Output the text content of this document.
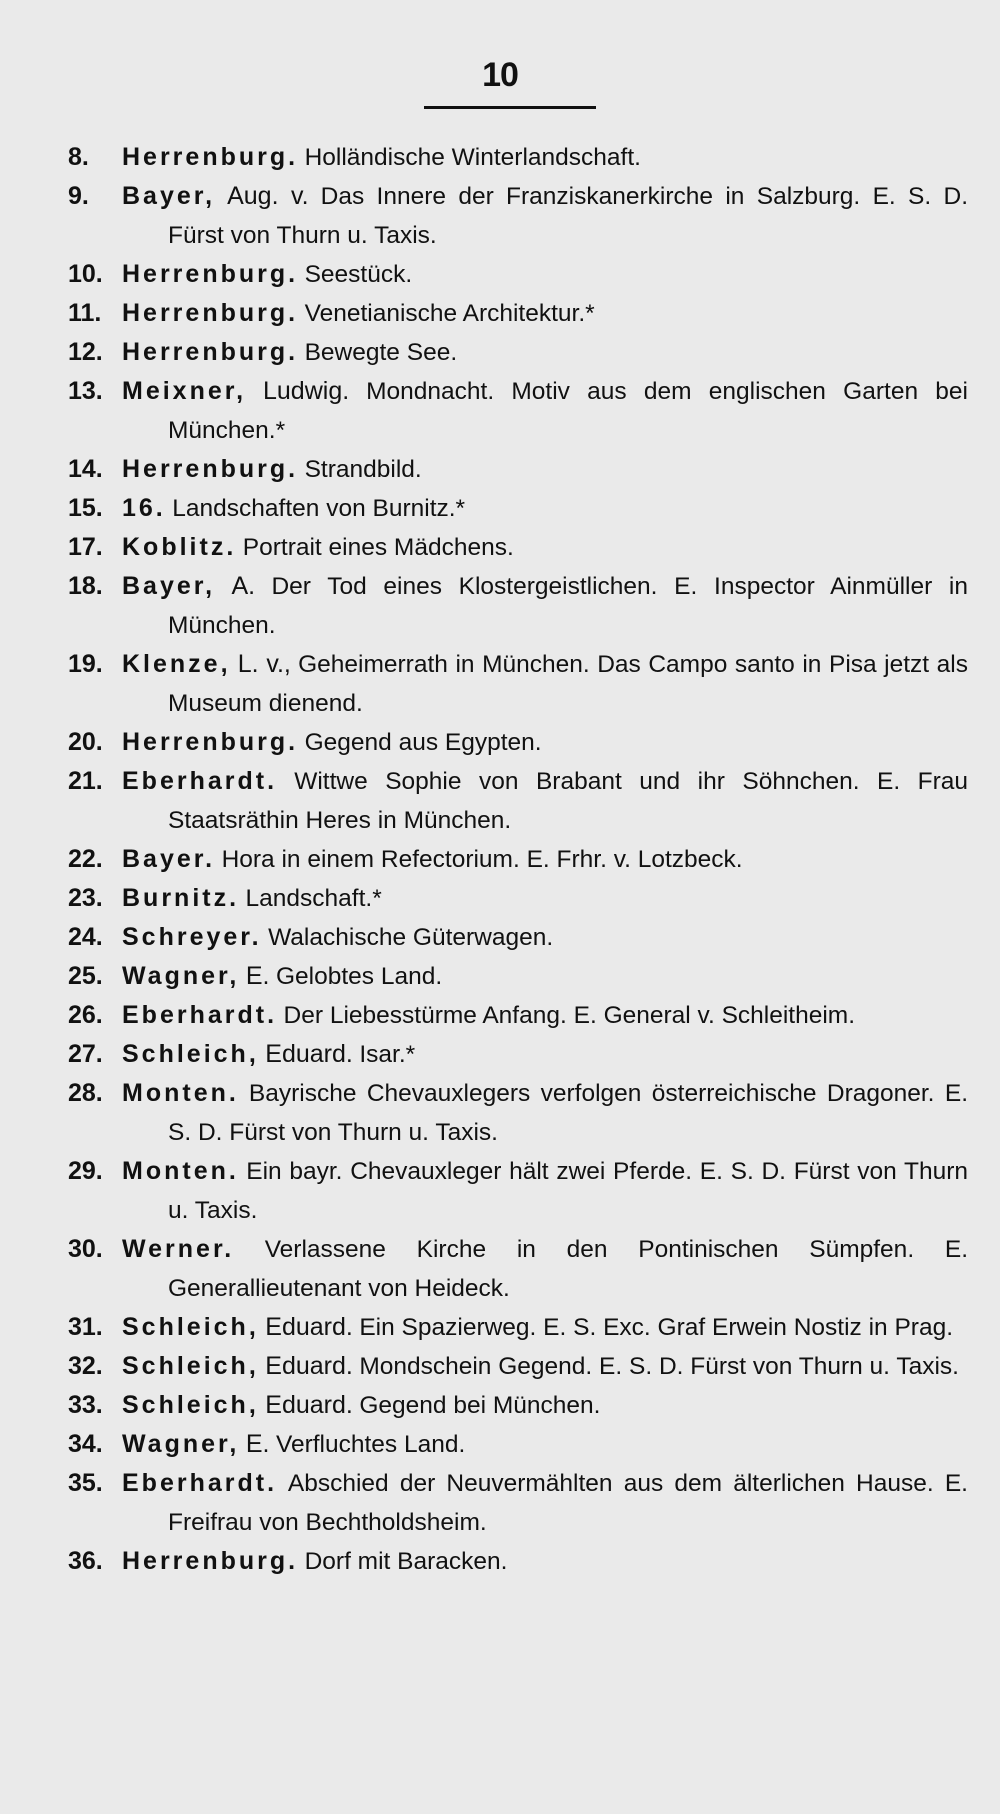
10
8. Herrenburg. Holländische Winterlandschaft.
9. Bayer, Aug. v. Das Innere der Franziskanerkirche in Salzburg. E. S. D. Fürst von Thurn u. Taxis.
10. Herrenburg. Seestück.
11. Herrenburg. Venetianische Architektur.*
12. Herrenburg. Bewegte See.
13. Meixner, Ludwig. Mondnacht. Motiv aus dem englischen Garten bei München.*
14. Herrenburg. Strandbild.
15. 16. Landschaften von Burnitz.*
17. Koblitz. Portrait eines Mädchens.
18. Bayer, A. Der Tod eines Klostergeistlichen. E. Inspector Ainmüller in München.
19. Klenze, L. v., Geheimerrath in München. Das Campo santo in Pisa jetzt als Museum dienend.
20. Herrenburg. Gegend aus Egypten.
21. Eberhardt. Wittwe Sophie von Brabant und ihr Söhnchen. E. Frau Staatsräthin Heres in München.
22. Bayer. Hora in einem Refectorium. E. Frhr. v. Lotzbeck.
23. Burnitz. Landschaft.*
24. Schreyer. Walachische Güterwagen.
25. Wagner, E. Gelobtes Land.
26. Eberhardt. Der Liebesstürme Anfang. E. General v. Schleitheim.
27. Schleich, Eduard. Isar.*
28. Monten. Bayrische Chevauxlegers verfolgen österreichische Dragoner. E. S. D. Fürst von Thurn u. Taxis.
29. Monten. Ein bayr. Chevauxleger hält zwei Pferde. E. S. D. Fürst von Thurn u. Taxis.
30. Werner. Verlassene Kirche in den Pontinischen Sümpfen. E. Generallieutenant von Heideck.
31. Schleich, Eduard. Ein Spazierweg. E. S. Exc. Graf Erwein Nostiz in Prag.
32. Schleich, Eduard. Mondschein Gegend. E. S. D. Fürst von Thurn u. Taxis.
33. Schleich, Eduard. Gegend bei München.
34. Wagner, E. Verfluchtes Land.
35. Eberhardt. Abschied der Neuvermählten aus dem älterlichen Hause. E. Freifrau von Bechtholdsheim.
36. Herrenburg. Dorf mit Baracken.
